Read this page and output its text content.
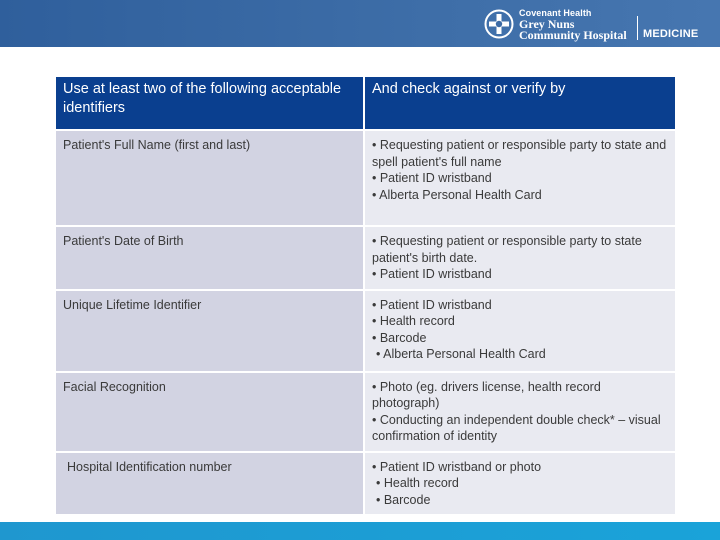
Covenant Health
Grey Nuns
Community Hospital MEDICINE
Use at least two of the following acceptable identifiers	And check against or verify by
Patient's Full Name (first and last)	• Requesting patient or responsible party to state and spell patient's full name
• Patient ID wristband
• Alberta Personal Health Card

Patient's Date of Birth	• Requesting patient or responsible party to state patient's birth date.
• Patient ID wristband

Unique Lifetime Identifier	• Patient ID wristband
• Health record
• Barcode
• Alberta Personal Health Card

Facial Recognition	• Photo (eg. drivers license, health record photograph)
• Conducting an independent double check* – visual confirmation of identity

Hospital Identification number	• Patient ID wristband or photo
• Health record
• Barcode
